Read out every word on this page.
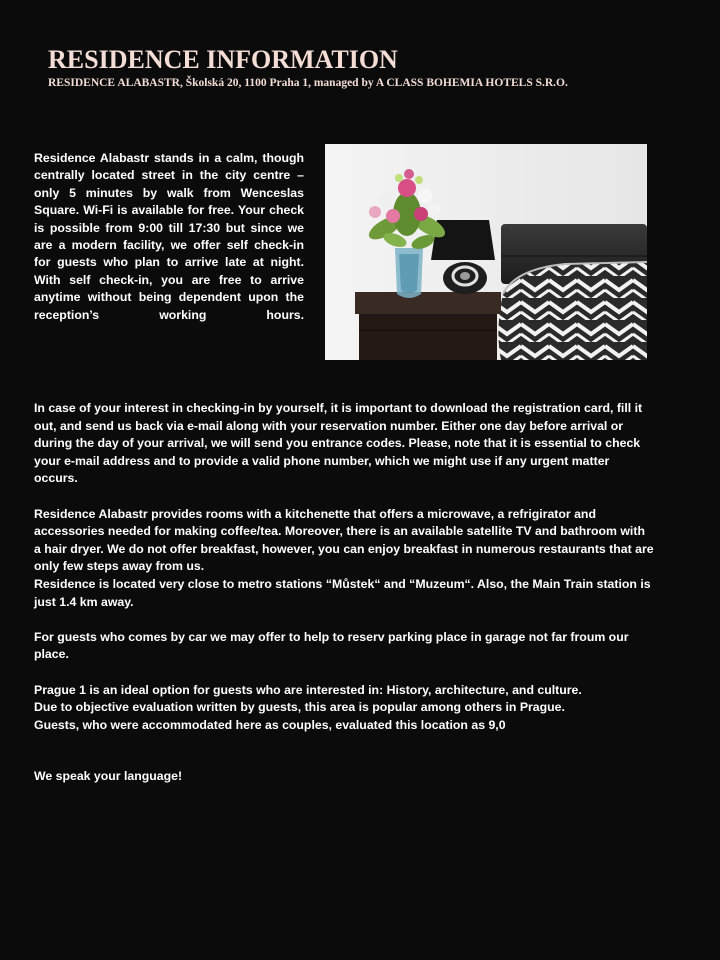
RESIDENCE INFORMATION

RESIDENCE ALABASTR, Školská 20, 1100 Praha 1, managed by A CLASS BOHEMIA HOTELS S.R.O.

Residence Alabastr stands in a calm, though centrally located street in the city centre – only 5 minutes by walk from Wenceslas Square. Wi-Fi is available for free. Your check is possible from 9:00 till 17:30 but since we are a modern facility, we offer self check-in for guests who plan to arrive late at night. With self check-in, you are free to arrive anytime without being dependent upon the reception’s working hours.

In case of your interest in checking-in by yourself, it is important to download the registration card, fill it out, and send us back via e-mail along with your reservation number. Either one day before arrival or during the day of your arrival, we will send you entrance codes. Please, note that it is essential to check your e-mail address and to provide a valid phone number, which we might use if any urgent matter occurs.

Residence Alabastr provides rooms with a kitchenette that offers a microwave, a refrigirator and accessories needed for making coffee/tea. Moreover, there is an available satellite TV and bathroom with a hair dryer. We do not offer breakfast, however, you can enjoy breakfast in numerous restaurants that are only few steps away from us.

Residence is located very close to metro stations “Můstek“ and “Muzeum“. Also, the Main Train station is just 1.4 km away.

For guests who comes by car we may offer to help to reserv parking place in garage not far froum our place.

Prague 1 is an ideal option for guests who are interested in: History, architecture, and culture.

Due to objective evaluation written by guests, this area is popular among others in Prague.

Guests, who were accommodated here as couples, evaluated this location as 9,0

We speak your language!
